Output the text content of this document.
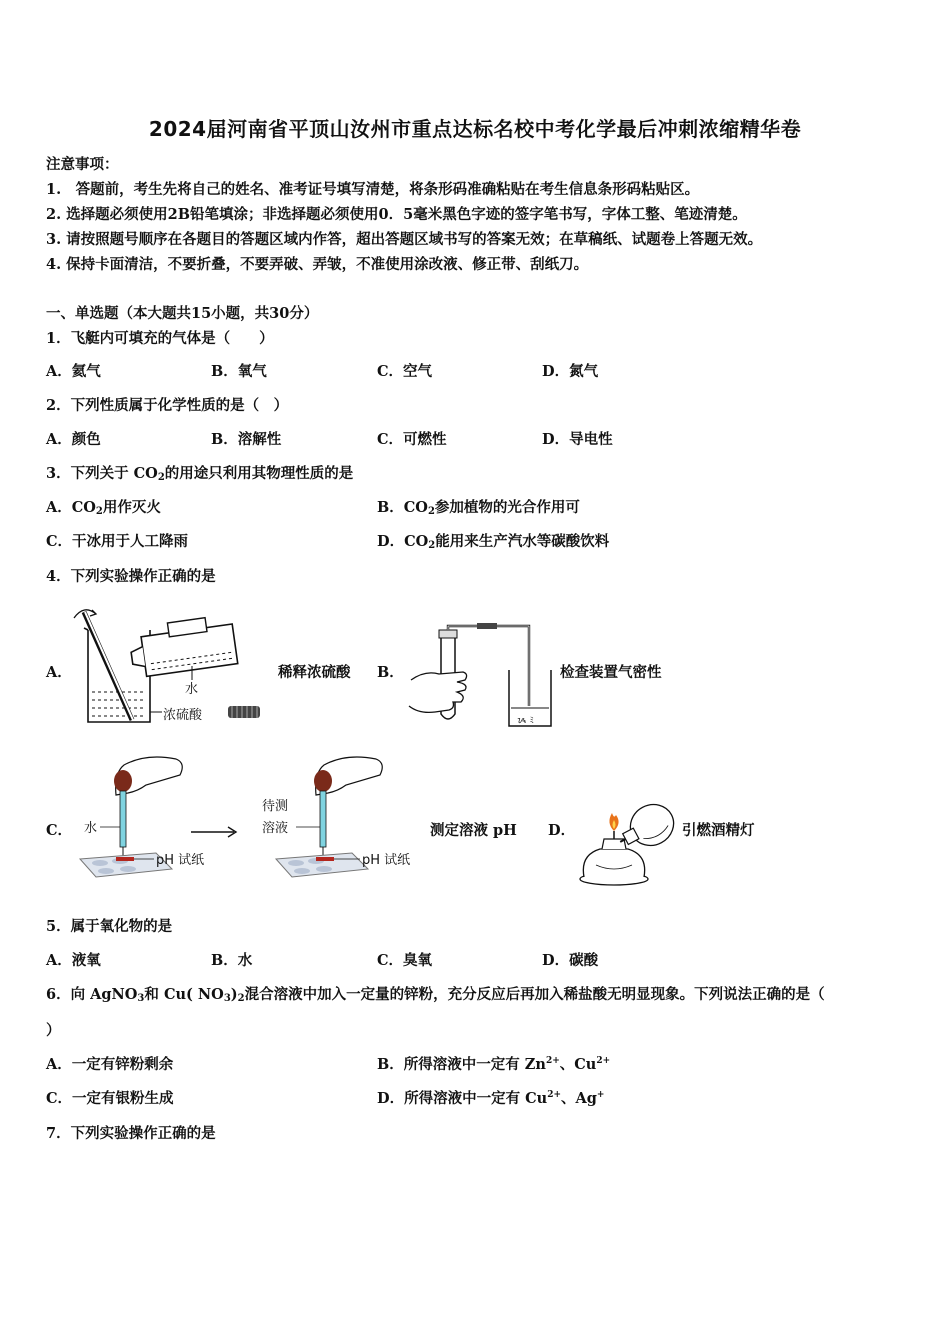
2024届河南省平顶山汝州市重点达标名校中考化学最后冲刺浓缩精华卷
注意事项：
1.　答题前，考生先将自己的姓名、准考证号填写清楚，将条形码准确粘贴在考生信息条形码粘贴区。
2. 选择题必须使用2B铅笔填涂；非选择题必须使用0．5毫米黑色字迹的签字笔书写，字体工整、笔迹清楚。
3. 请按照题号顺序在各题目的答题区域内作答，超出答题区域书写的答案无效；在草稿纸、试题卷上答题无效。
4. 保持卡面清洁，不要折叠，不要弄破、弄皱，不准使用涂改液、修正带、刮纸刀。
一、单选题（本大题共15小题，共30分）
1．飞艇内可填充的气体是（　　）
A．氦气	B．氧气	C．空气	D．氮气
2．下列性质属于化学性质的是（　）
A．颜色	B．溶解性	C．可燃性	D．导电性
3．下列关于 $CO_2$的用途只利用其物理性质的是
A．$CO_2$用作灭火	B．$CO_2$参加植物的光合作用可
C．干冰用于人工降雨	D．$CO_2$能用来生产汽水等碳酸饮料
4．下列实验操作正确的是
A．
水
浓硫酸
稀释浓硫酸 B．
ᝰ ﾐ
检查装置气密性
C． 水
pH 试纸
待测
溶液
pH 试纸
测定溶液 pH D．	引燃酒精灯
5．属于氧化物的是
A．液氧	B．水	C．臭氧	D．碳酸
6．向 AgNO$_3$和 Cu( $NO_3)_2$混合溶液中加入一定量的锌粉，充分反应后再加入稀盐酸无明显现象。下列说法正确的是（
）
A．一定有锌粉剩余	B．所得溶液中一定有 $Zn^{2+}$、$Cu^{2+}$
C．一定有银粉生成	D．所得溶液中一定有 $Cu^{2+}$、Ag+
7．下列实验操作正确的是
